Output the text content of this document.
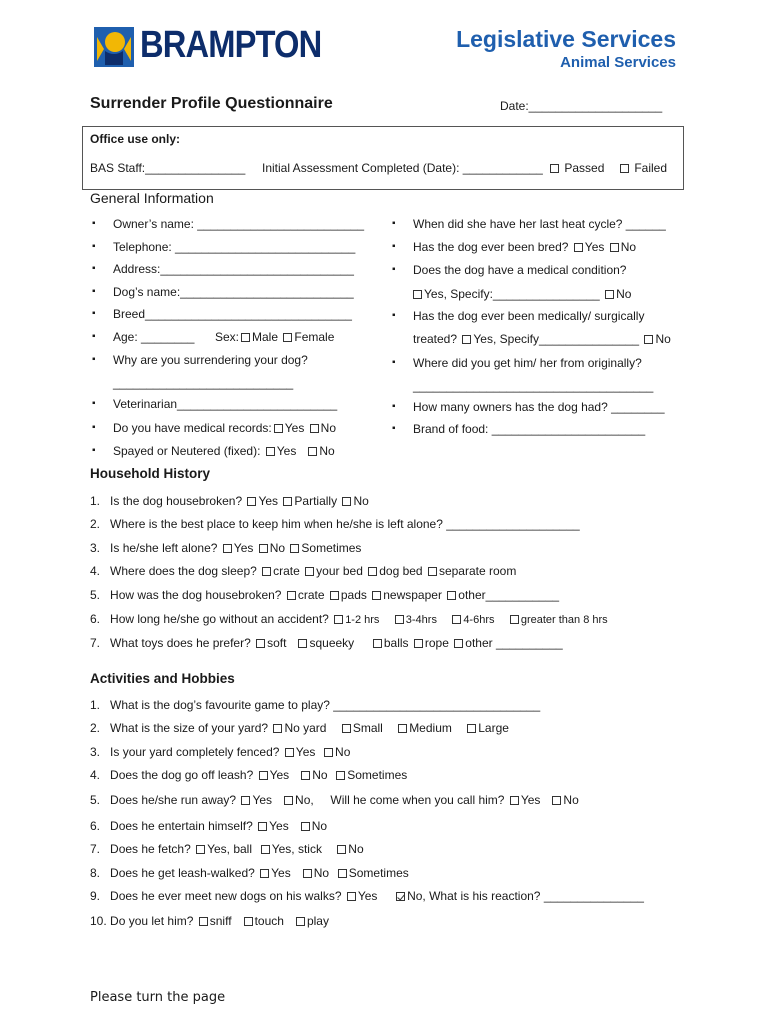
BRAMPTON	Legislative Services
Animal Services
Surrender Profile Questionnaire	Date:____________________
Office use only:
BAS Staff:_______________ Initial Assessment Completed (Date): ____________	Passed	Failed
General Information
▪ Owner’s name: _________________________
▪ Telephone: ___________________________
▪ Address:_____________________________
▪ Dog’s name:__________________________
▪ Breed_______________________________
▪ Age: ________ Sex: Male Female
▪ Why are you surrendering your dog?
___________________________
▪ Veterinarian________________________
▪ Do you have medical records: Yes No
▪ Spayed or Neutered (fixed): Yes No
▪ When did she have her last heat cycle? ______
▪ Has the dog ever been bred? Yes No
▪ Does the dog have a medical condition?
Yes, Specify:________________ No
▪ Has the dog ever been medically/ surgically
treated? Yes, Specify_______________ No
▪ Where did you get him/ her from originally?
____________________________________
▪ How many owners has the dog had? ________
▪ Brand of food: _______________________
Household History
1. Is the dog housebroken? Yes Partially No
2. Where is the best place to keep him when he/she is left alone? ____________________
3. Is he/she left alone? Yes No Sometimes
4. Where does the dog sleep? crate your bed dog bed separate room
5. How was the dog housebroken? crate pads newspaper other___________
6. How long he/she go without an accident? 1-2 hrs 3-4hrs 4-6hrs greater than 8 hrs
7. What toys does he prefer? soft squeeky balls rope other __________
Activities and Hobbies
1. What is the dog’s favourite game to play? _______________________________
2. What is the size of your yard? No yard Small Medium Large
3. Is your yard completely fenced? Yes No
4. Does the dog go off leash? Yes No Sometimes
5. Does he/she run away? Yes No, Will he come when you call him? Yes No
6. Does he entertain himself? Yes No
7. Does he fetch? Yes, ball Yes, stick No
8. Does he get leash-walked? Yes No Sometimes
9. Does he ever meet new dogs on his walks? Yes No, What is his reaction? _______________
10. Do you let him? sniff touch play
Please turn the page
